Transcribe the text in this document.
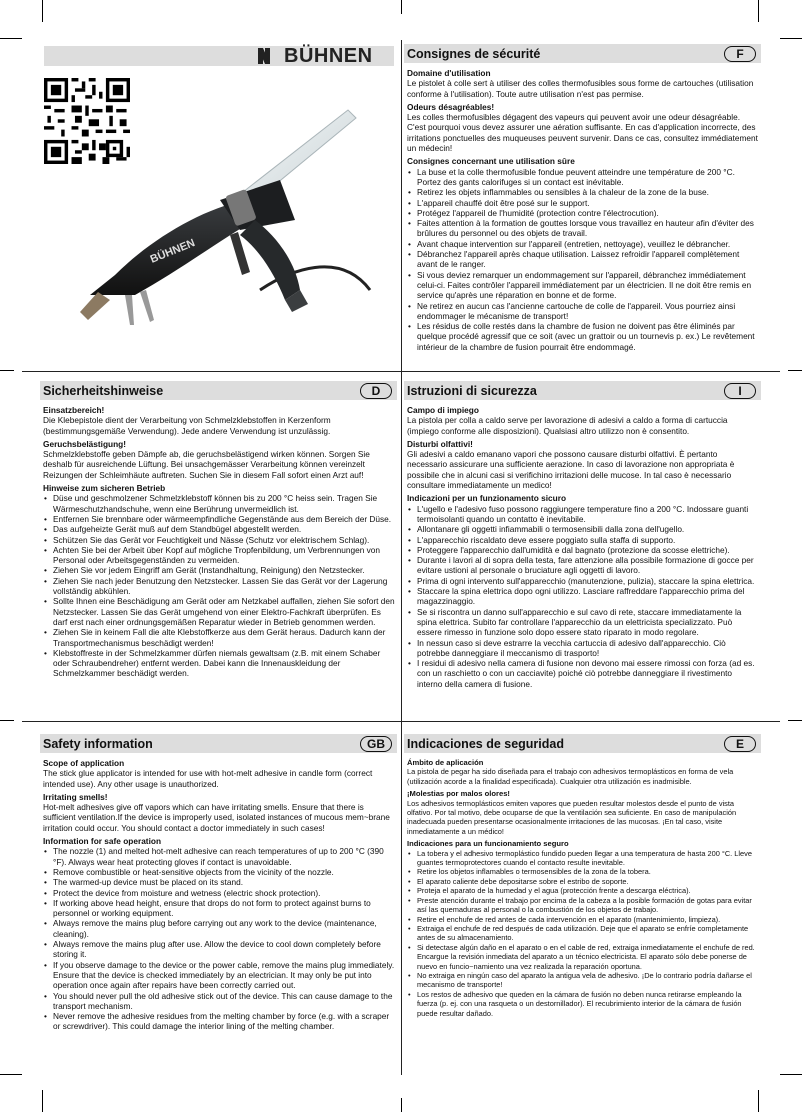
BÜHNEN
BÜHNEN
Consignes de sécurité	F
Domaine d'utilisation

Le pistolet à colle sert à utiliser des colles thermofusibles sous forme de cartouches (utilisation conforme à l'utilisation). Toute autre utilisation n'est pas permise.

Odeurs désagréables!

Les colles thermofusibles dégagent des vapeurs qui peuvent avoir une odeur désagréable. C'est pourquoi vous devez assurer une aération suffisante. En cas d'application incorrecte, des irritations ponctuelles des muqueuses peuvent survenir. Dans ce cas, consultez immédiatement un médecin!

Consignes concernant une utilisation sûre
• La buse et la colle thermofusible fondue peuvent atteindre une température de 200 °C. Portez des gants calorifuges si un contact est inévitable.
• Retirez les objets inflammables ou sensibles à la chaleur de la zone de la buse.
• L'appareil chauffé doit être posé sur le support.
• Protégez l'appareil de l'humidité (protection contre l'électrocution).
• Faites attention à la formation de gouttes lorsque vous travaillez en hauteur afin d'éviter des brûlures du personnel ou des objets de travail.
• Avant chaque intervention sur l'appareil (entretien, nettoyage), veuillez le débrancher.
• Débranchez l'appareil après chaque utilisation. Laissez refroidir l'appareil complètement avant de le ranger.
• Si vous deviez remarquer un endommagement sur l'appareil, débranchez immédiatement celui-ci. Faites contrôler l'appareil immédiatement par un électricien. Il ne doit être remis en service qu'après une réparation en bonne et de forme.
• Ne retirez en aucun cas l'ancienne cartouche de colle de l'appareil. Vous pourriez ainsi endommager le mécanisme de transport!
• Les résidus de colle restés dans la chambre de fusion ne doivent pas être éliminés par quelque procédé agressif que ce soit (avec un grattoir ou un tournevis p. ex.) Le revêtement intérieur de la chambre de fusion pourrait être endommagé.
Sicherheitshinweise	D
Einsatzbereich!

Die Klebepistole dient der Verarbeitung von Schmelzklebstoffen in Kerzenform (bestimmungsgemäße Verwendung). Jede andere Verwendung ist unzulässig.

Geruchsbelästigung!

Schmelzklebstoffe geben Dämpfe ab, die geruchsbelästigend wirken können. Sorgen Sie deshalb für ausreichende Lüftung. Bei unsachgemässer Verarbeitung können vereinzelt Reizungen der Schleimhäute auftreten. Suchen Sie in diesem Fall sofort einen Arzt auf!

Hinweise zum sicheren Betrieb
• Düse und geschmolzener Schmelzklebstoff können bis zu 200 °C heiss sein. Tragen Sie Wärmeschutzhandschuhe, wenn eine Berührung unvermeidlich ist.
• Entfernen Sie brennbare oder wärmeempfindliche Gegenstände aus dem Bereich der Düse.
• Das aufgeheizte Gerät muß auf dem Standbügel abgestellt werden.
• Schützen Sie das Gerät vor Feuchtigkeit und Nässe (Schutz vor elektrischem Schlag).
• Achten Sie bei der Arbeit über Kopf auf mögliche Tropfenbildung, um Verbrennungen von Personal oder Arbeitsgegenständen zu vermeiden.
• Ziehen Sie vor jedem Eingriff am Gerät (Instandhaltung, Reinigung) den Netzstecker.
• Ziehen Sie nach jeder Benutzung den Netzstecker. Lassen Sie das Gerät vor der Lagerung vollständig abkühlen.
• Sollte Ihnen eine Beschädigung am Gerät oder am Netzkabel auffallen, ziehen Sie sofort den Netzstecker. Lassen Sie das Gerät umgehend von einer Elektro-Fachkraft überprüfen. Es darf erst nach einer ordnungsgemäßen Reparatur wieder in Betrieb genommen werden.
• Ziehen Sie in keinem Fall die alte Klebstoffkerze aus dem Gerät heraus. Dadurch kann der Transportmechanismus beschädigt werden!
• Klebstoffreste in der Schmelzkammer dürfen niemals gewaltsam (z.B. mit einem Schaber oder Schraubendreher) entfernt werden. Dabei kann die Innenauskleidung der Schmelzkammer beschädigt werden.
Istruzioni di sicurezza	I
Campo di impiego

La pistola per colla a caldo serve per lavorazione di adesivi a caldo a forma di cartuccia (impiego conforme alle disposizioni). Qualsiasi altro utilizzo non è consentito.

Disturbi olfattivi!

Gli adesivi a caldo emanano vapori che possono causare disturbi olfattivi. È pertanto necessario assicurare una sufficiente aerazione. In caso di lavorazione non appropriata è possibile che in alcuni casi si verifichino irritazioni delle mucose. In tal caso è necessario consultare immediatamente un medico!

Indicazioni per un funzionamento sicuro
• L'ugello e l'adesivo fuso possono raggiungere temperature fino a 200 °C. Indossare guanti termoisolanti quando un contatto è inevitabile.
• Allontanare gli oggetti infiammabili o termosensibili dalla zona dell'ugello.
• L'apparecchio riscaldato deve essere poggiato sulla staffa di supporto.
• Proteggere l'apparecchio dall'umidità e dal bagnato (protezione da scosse elettriche).
• Durante i lavori al di sopra della testa, fare attenzione alla possibile formazione di gocce per evitare ustioni al personale o bruciature agli oggetti di lavoro.
• Prima di ogni intervento sull'apparecchio (manutenzione, pulizia), staccare la spina elettrica.
• Staccare la spina elettrica dopo ogni utilizzo. Lasciare raffreddare l'apparecchio prima del magazzinaggio.
• Se si riscontra un danno sull'apparecchio e sul cavo di rete, staccare immediatamente la spina elettrica. Subito far controllare l'apparecchio da un elettricista specializzato. Può essere rimesso in funzione solo dopo essere stato riparato in modo regolare.
• In nessun caso si deve estrarre la vecchia cartuccia di adesivo dall'apparecchio. Ciò potrebbe danneggiare il meccanismo di trasporto!
• I residui di adesivo nella camera di fusione non devono mai essere rimossi con forza (ad es. con un raschietto o con un cacciavite) poiché ciò potrebbe danneggiare il rivestimento interno della camera di fusione.
Safety information	GB
Scope of application

The stick glue applicator is intended for use with hot-melt adhesive in candle form (correct intended use). Any other usage is unauthorized.

Irritating smells!

Hot-melt adhesives give off vapors which can have irritating smells. Ensure that there is sufficient ventilation.If the device is improperly used, isolated instances of mucous mem~brane irritation could occur. You should contact a doctor immediately in such cases!

Information for safe operation
• The nozzle (1) and melted hot-melt adhesive can reach temperatures of up to 200 °C (390 °F). Always wear heat protecting gloves if contact is unavoidable.
• Remove combustible or heat-sensitive objects from the vicinity of the nozzle.
• The warmed-up device must be placed on its stand.
• Protect the device from moisture and wetness (electric shock protection).
• If working above head height, ensure that drops do not form to protect against burns to personnel or working equipment.
• Always remove the mains plug before carrying out any work to the device (maintenance, cleaning).
• Always remove the mains plug after use. Allow the device to cool down completely before storing it.
• If you observe damage to the device or the power cable, remove the mains plug immediately. Ensure that the device is checked immediately by an electrician. It may only be put into operation once again after repairs have been correctly carried out.
• You should never pull the old adhesive stick out of the device. This can cause damage to the transport mechanism.
• Never remove the adhesive residues from the melting chamber by force (e.g. with a scraper or screwdriver). This could damage the interior lining of the melting chamber.
Indicaciones de seguridad	E
Ámbito de aplicación

La pistola de pegar ha sido diseñada para el trabajo con adhesivos termoplásticos en forma de vela (utilización acorde a la finalidad especificada). Cualquier otra utilización es inadmisible.

¡Molestias por malos olores!

Los adhesivos termoplásticos emiten vapores que pueden resultar molestos desde el punto de vista olfativo. Por tal motivo, debe ocuparse de que la ventilación sea suficiente. En caso de manipulación inadecuada pueden presentarse ocasionalmente irritaciones de las mucosas. ¡En tal caso, visite inmediatamente a un médico!

Indicaciones para un funcionamiento seguro
• La tobera y el adhesivo termoplástico fundido pueden llegar a una temperatura de hasta 200 °C. Lleve guantes termoprotectores cuando el contacto resulte inevitable.
• Retire los objetos inflamables o termosensibles de la zona de la tobera.
• El aparato caliente debe depositarse sobre el estribo de soporte.
• Proteja el aparato de la humedad y el agua (protección frente a descarga eléctrica).
• Preste atención durante el trabajo por encima de la cabeza a la posible formación de gotas para evitar así las quemaduras al personal o la combustión de los objetos de trabajo.
• Retire el enchufe de red antes de cada intervención en el aparato (mantenimiento, limpieza).
• Extraiga el enchufe de red después de cada utilización. Deje que el aparato se enfríe completamente antes de su almacenamiento.
• Si detectase algún daño en el aparato o en el cable de red, extraiga inmediatamente el enchufe de red. Encargue la revisión inmediata del aparato a un técnico electricista. El aparato sólo debe ponerse de nuevo en funcio~namiento una vez realizada la reparación oportuna.
• No extraiga en ningún caso del aparato la antigua vela de adhesivo. ¡De lo contrario podría dañarse el mecanismo de transporte!
• Los restos de adhesivo que queden en la cámara de fusión no deben nunca retirarse empleando la fuerza (p. ej. con una rasqueta o un destornillador). El recubrimiento interior de la cámara de fusión puede resultar dañado.
